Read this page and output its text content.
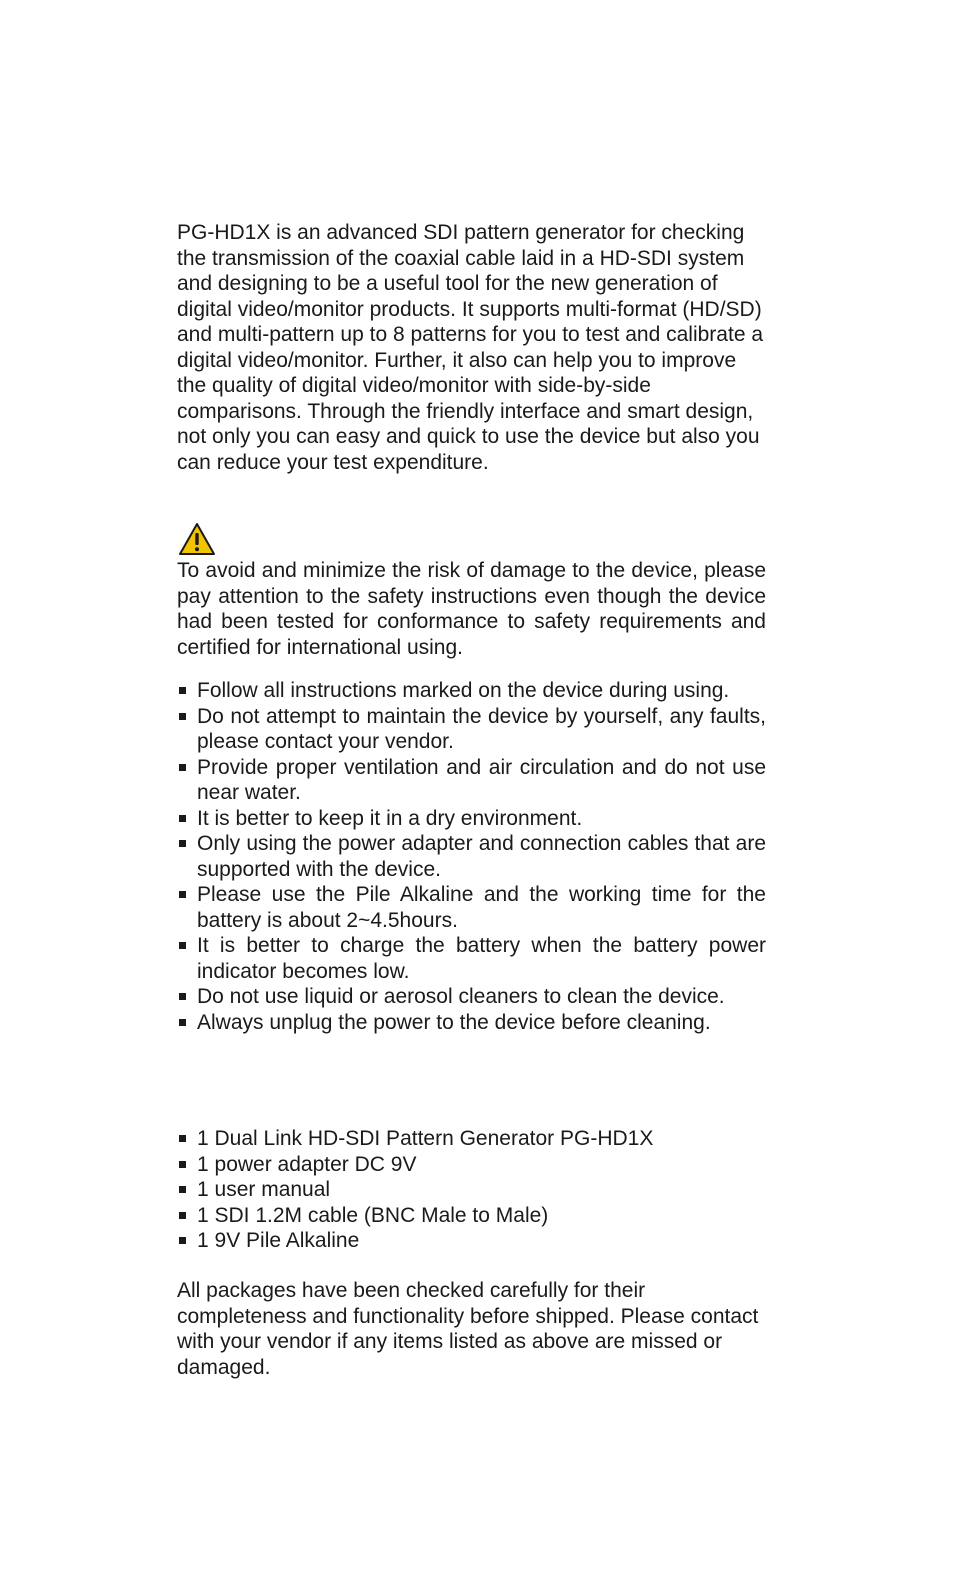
PG-HD1X is an advanced SDI pattern generator for checking the transmission of the coaxial cable laid in a HD-SDI system and designing to be a useful tool for the new generation of digital video/monitor products. It supports multi-format (HD/SD) and multi-pattern up to 8 patterns for you to test and calibrate a digital video/monitor. Further, it also can help you to improve the quality of digital video/monitor with side-by-side comparisons. Through the friendly interface and smart design, not only you can easy and quick to use the device but also you can reduce your test expenditure.

To avoid and minimize the risk of damage to the device, please pay attention to the safety instructions even though the device had been tested for conformance to safety requirements and certified for international using.

Follow all instructions marked on the device during using.
Do not attempt to maintain the device by yourself, any faults, please contact your vendor.
Provide proper ventilation and air circulation and do not use near water.
It is better to keep it in a dry environment.
Only using the power adapter and connection cables that are supported with the device.
Please use the Pile Alkaline and the working time for the battery is about 2~4.5hours.
It is better to charge the battery when the battery power indicator becomes low.
Do not use liquid or aerosol cleaners to clean the device.
Always unplug the power to the device before cleaning.
1 Dual Link HD-SDI Pattern Generator PG-HD1X
1 power adapter DC 9V
1 user manual
1 SDI 1.2M cable (BNC Male to Male)
1 9V Pile Alkaline

All packages have been checked carefully for their completeness and functionality before shipped. Please contact with your vendor if any items listed as above are missed or damaged.
